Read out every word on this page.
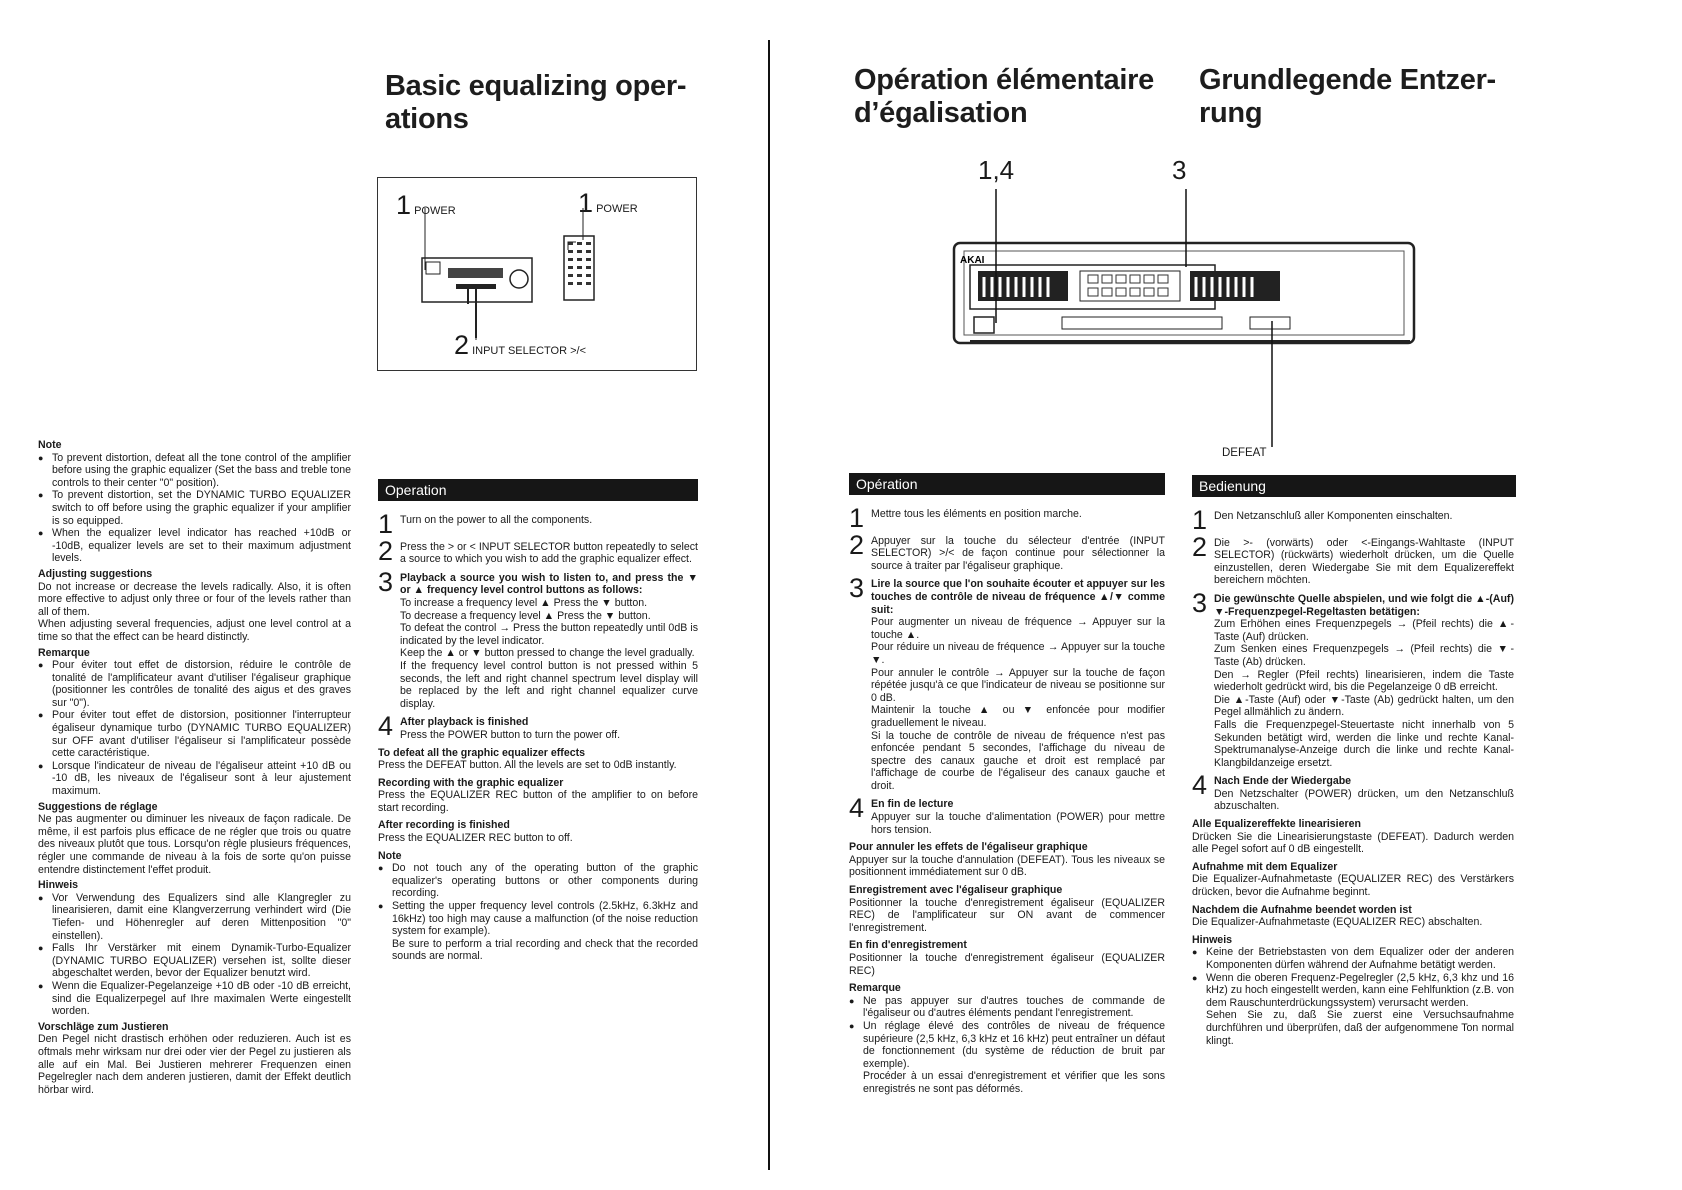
Basic equalizing oper-
ations
Opération élémentaire
d’égalisation
Grundlegende Entzer-
rung
1 POWER	1 POWER
2 INPUT SELECTOR >/<
1,4	3
DEFEAT
AKAI

Note

● To prevent distortion, defeat all the tone control of the amplifier before using the graphic equalizer (Set the bass and treble tone controls to their center "0" position).
● To prevent distortion, set the DYNAMIC TURBO EQUALIZER switch to off before using the graphic equalizer if your amplifier is so equipped.
● When the equalizer level indicator has reached +10dB or -10dB, equalizer levels are set to their maximum adjustment levels.

Adjusting suggestions

Do not increase or decrease the levels radically. Also, it is often more effective to adjust only three or four of the levels rather than all of them.

When adjusting several frequencies, adjust one level control at a time so that the effect can be heard distinctly.

Remarque

● Pour éviter tout effet de distorsion, réduire le contrôle de tonalité de l'amplificateur avant d'utiliser l'égaliseur graphique (positionner les contrôles de tonalité des aigus et des graves sur "0").
● Pour éviter tout effet de distorsion, positionner l'interrupteur égaliseur dynamique turbo (DYNAMIC TURBO EQUALIZER) sur OFF avant d'utiliser l'égaliseur si l'amplificateur possède cette caractéristique.
● Lorsque l'indicateur de niveau de l'égaliseur atteint +10 dB ou -10 dB, les niveaux de l'égaliseur sont à leur ajustement maximum.

Suggestions de réglage

Ne pas augmenter ou diminuer les niveaux de façon radicale. De même, il est parfois plus efficace de ne régler que trois ou quatre des niveaux plutôt que tous. Lorsqu'on règle plusieurs fréquences, régler une commande de niveau à la fois de sorte qu'on puisse entendre distinctement l'effet produit.

Hinweis

● Vor Verwendung des Equalizers sind alle Klangregler zu linearisieren, damit eine Klangverzerrung verhindert wird (Die Tiefen- und Höhenregler auf deren Mittenposition "0" einstellen).
● Falls Ihr Verstärker mit einem Dynamik-Turbo-Equalizer (DYNAMIC TURBO EQUALIZER) versehen ist, sollte dieser abgeschaltet werden, bevor der Equalizer benutzt wird.
● Wenn die Equalizer-Pegelanzeige +10 dB oder -10 dB erreicht, sind die Equalizerpegel auf Ihre maximalen Werte eingestellt worden.

Vorschläge zum Justieren

Den Pegel nicht drastisch erhöhen oder reduzieren. Auch ist es oftmals mehr wirksam nur drei oder vier der Pegel zu justieren als alle auf ein Mal. Bei Justieren mehrerer Frequenzen einen Pegelregler nach dem anderen justieren, damit der Effekt deutlich hörbar wird.

Operation
1 Turn on the power to all the components.

2 Press the > or < INPUT SELECTOR button repeatedly to select a source to which you wish to add the graphic equalizer effect.

3 Playback a source you wish to listen to, and press the ▼ or ▲ frequency level control buttons as follows:

To increase a frequency level ▲ Press the ▼ button.

To decrease a frequency level ▲ Press the ▼ button.

To defeat the control → Press the button repeatedly until 0dB is indicated by the level indicator.

Keep the ▲ or ▼ button pressed to change the level gradually.

If the frequency level control button is not pressed within 5 seconds, the left and right channel spectrum level display will be replaced by the left and right channel equalizer curve display.

4 After playback is finished

Press the POWER button to turn the power off.

To defeat all the graphic equalizer effects

Press the DEFEAT button. All the levels are set to 0dB instantly.

Recording with the graphic equalizer

Press the EQUALIZER REC button of the amplifier to on before start recording.

After recording is finished

Press the EQUALIZER REC button to off.

Note

● Do not touch any of the operating button of the graphic equalizer's operating buttons or other components during recording.
● Setting the upper frequency level controls (2.5kHz, 6.3kHz and 16kHz) too high may cause a malfunction (of the noise reduction system for example).

Be sure to perform a trial recording and check that the recorded sounds are normal.

Opération
1 Mettre tous les éléments en position marche.

2 Appuyer sur la touche du sélecteur d'entrée (INPUT SELECTOR) >/< de façon continue pour sélectionner la source à traiter par l'égaliseur graphique.

3 Lire la source que l'on souhaite écouter et appuyer sur les touches de contrôle de niveau de fréquence ▲/▼ comme suit:

Pour augmenter un niveau de fréquence → Appuyer sur la touche ▲.

Pour réduire un niveau de fréquence → Appuyer sur la touche ▼.

Pour annuler le contrôle → Appuyer sur la touche de façon répétée jusqu'à ce que l'indicateur de niveau se positionne sur 0 dB.

Maintenir la touche ▲ ou ▼ enfoncée pour modifier graduellement le niveau.

Si la touche de contrôle de niveau de fréquence n'est pas enfoncée pendant 5 secondes, l'affichage du niveau de spectre des canaux gauche et droit est remplacé par l'affichage de courbe de l'égaliseur des canaux gauche et droit.

4 En fin de lecture

Appuyer sur la touche d'alimentation (POWER) pour mettre hors tension.

Pour annuler les effets de l'égaliseur graphique

Appuyer sur la touche d'annulation (DEFEAT). Tous les niveaux se positionnent immédiatement sur 0 dB.

Enregistrement avec l'égaliseur graphique

Positionner la touche d'enregistrement égaliseur (EQUALIZER REC) de l'amplificateur sur ON avant de commencer l'enregistrement.

En fin d'enregistrement

Positionner la touche d'enregistrement égaliseur (EQUALIZER REC)

Remarque

● Ne pas appuyer sur d'autres touches de commande de l'égaliseur ou d'autres éléments pendant l'enregistrement.
● Un réglage élevé des contrôles de niveau de fréquence supérieure (2,5 kHz, 6,3 kHz et 16 kHz) peut entraîner un défaut de fonctionnement (du système de réduction de bruit par exemple).

Procéder à un essai d'enregistrement et vérifier que les sons enregistrés ne sont pas déformés.

Bedienung
1 Den Netzanschluß aller Komponenten einschalten.

2 Die >- (vorwärts) oder <-Eingangs-Wahltaste (INPUT SELECTOR) (rückwärts) wiederholt drücken, um die Quelle einzustellen, deren Wiedergabe Sie mit dem Equalizereffekt bereichern möchten.

3 Die gewünschte Quelle abspielen, und wie folgt die ▲-(Auf) ▼-Frequenzpegel-Regeltasten betätigen:

Zum Erhöhen eines Frequenzpegels → (Pfeil rechts) die ▲-Taste (Auf) drücken.

Zum Senken eines Frequenzpegels → (Pfeil rechts) die ▼-Taste (Ab) drücken.

Den → Regler (Pfeil rechts) linearisieren, indem die Taste wiederholt gedrückt wird, bis die Pegelanzeige 0 dB erreicht.

Die ▲-Taste (Auf) oder ▼-Taste (Ab) gedrückt halten, um den Pegel allmählich zu ändern.

Falls die Frequenzpegel-Steuertaste nicht innerhalb von 5 Sekunden betätigt wird, werden die linke und rechte Kanal-Spektrumanalyse-Anzeige durch die linke und rechte Kanal-Klangbildanzeige ersetzt.

4 Nach Ende der Wiedergabe

Den Netzschalter (POWER) drücken, um den Netzanschluß abzuschalten.

Alle Equalizereffekte linearisieren

Drücken Sie die Linearisierungstaste (DEFEAT). Dadurch werden alle Pegel sofort auf 0 dB eingestellt.

Aufnahme mit dem Equalizer

Die Equalizer-Aufnahmetaste (EQUALIZER REC) des Verstärkers drücken, bevor die Aufnahme beginnt.

Nachdem die Aufnahme beendet worden ist

Die Equalizer-Aufnahmetaste (EQUALIZER REC) abschalten.

Hinweis

● Keine der Betriebstasten von dem Equalizer oder der anderen Komponenten dürfen während der Aufnahme betätigt werden.
● Wenn die oberen Frequenz-Pegelregler (2,5 kHz, 6,3 khz und 16 kHz) zu hoch eingestellt werden, kann eine Fehlfunktion (z.B. von dem Rauschunterdrückungssystem) verursacht werden.

Sehen Sie zu, daß Sie zuerst eine Versuchsaufnahme durchführen und überprüfen, daß der aufgenommene Ton normal klingt.
